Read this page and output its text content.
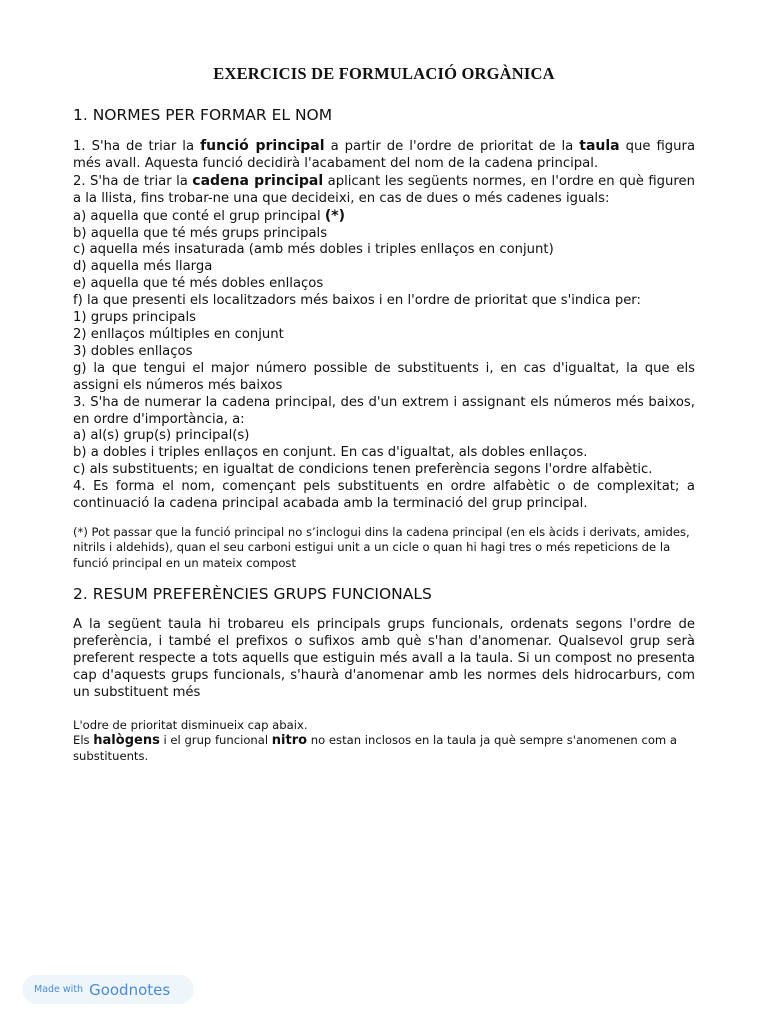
EXERCICIS DE FORMULACIÓ ORGÀNICA
1. NORMES PER FORMAR EL NOM

1. S'ha de triar la funció principal a partir de l'ordre de prioritat de la taula que figura més avall. Aquesta funció decidirà l'acabament del nom de la cadena principal.

2. S'ha de triar la cadena principal aplicant les següents normes, en l'ordre en què figuren a la llista, fins trobar-ne una que decideixi, en cas de dues o més cadenes iguals:

a) aquella que conté el grup principal (*)

b) aquella que té més grups principals

c) aquella més insaturada (amb més dobles i triples enllaços en conjunt)

d) aquella més llarga

e) aquella que té més dobles enllaços

f) la que presenti els localitzadors més baixos i en l'ordre de prioritat que s'indica per:

1) grups principals

2) enllaços múltiples en conjunt

3) dobles enllaços

g) la que tengui el major número possible de substituents i, en cas d'igualtat, la que els assigni els números més baixos

3. S'ha de numerar la cadena principal, des d'un extrem i assignant els números més baixos, en ordre d'importància, a:

a) al(s) grup(s) principal(s)

b) a dobles i triples enllaços en conjunt. En cas d'igualtat, als dobles enllaços.

c) als substituents; en igualtat de condicions tenen preferència segons l'ordre alfabètic.

4. Es forma el nom, començant pels substituents en ordre alfabètic o de complexitat; a continuació la cadena principal acabada amb la terminació del grup principal.

(*) Pot passar que la funció principal no s’inclogui dins la cadena principal (en els àcids i derivats, amides, nitrils i aldehids), quan el seu carboni estigui unit a un cicle o quan hi hagi tres o més repeticions de la funció principal en un mateix compost

2. RESUM PREFERÈNCIES GRUPS FUNCIONALS

A la següent taula hi trobareu els principals grups funcionals, ordenats segons l'ordre de preferència, i també el prefixos o sufixos amb què s'han d'anomenar. Qualsevol grup serà preferent respecte a tots aquells que estiguin més avall a la taula. Si un compost no presenta cap d'aquests grups funcionals, s'haurà d'anomenar amb les normes dels hidrocarburs, com un substituent més

L'odre de prioritat disminueix cap abaix.

Els halògens i el grup funcional nitro no estan inclosos en la taula ja què sempre s'anomenen com a substituents.

Made with Goodnotes
